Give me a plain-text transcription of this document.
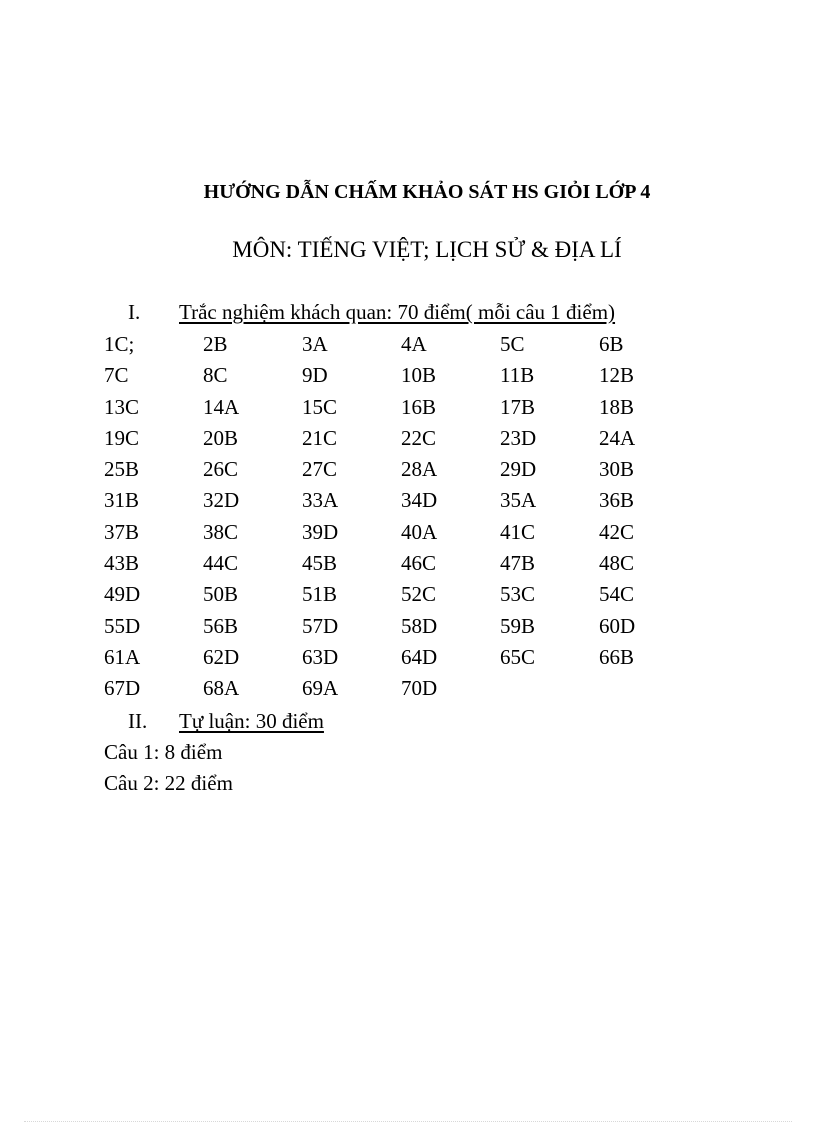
HƯỚNG DẪN CHẤM KHẢO SÁT HS GIỎI LỚP 4
MÔN: TIẾNG VIỆT; LỊCH SỬ & ĐỊA LÍ
I. Trắc nghiệm khách quan: 70 điểm( mỗi câu 1 điểm)
1C;	2B	3A	4A	5C	6B
7C	8C	9D	10B	11B	12B
13C	14A	15C	16B	17B	18B
19C	20B	21C	22C	23D	24A
25B	26C	27C	28A	29D	30B
31B	32D	33A	34D	35A	36B
37B	38C	39D	40A	41C	42C
43B	44C	45B	46C	47B	48C
49D	50B	51B	52C	53C	54C
55D	56B	57D	58D	59B	60D
61A	62D	63D	64D	65C	66B
67D	68A	69A	70D
II. Tự luận: 30 điểm
Câu 1: 8 điểm
Câu 2: 22 điểm
